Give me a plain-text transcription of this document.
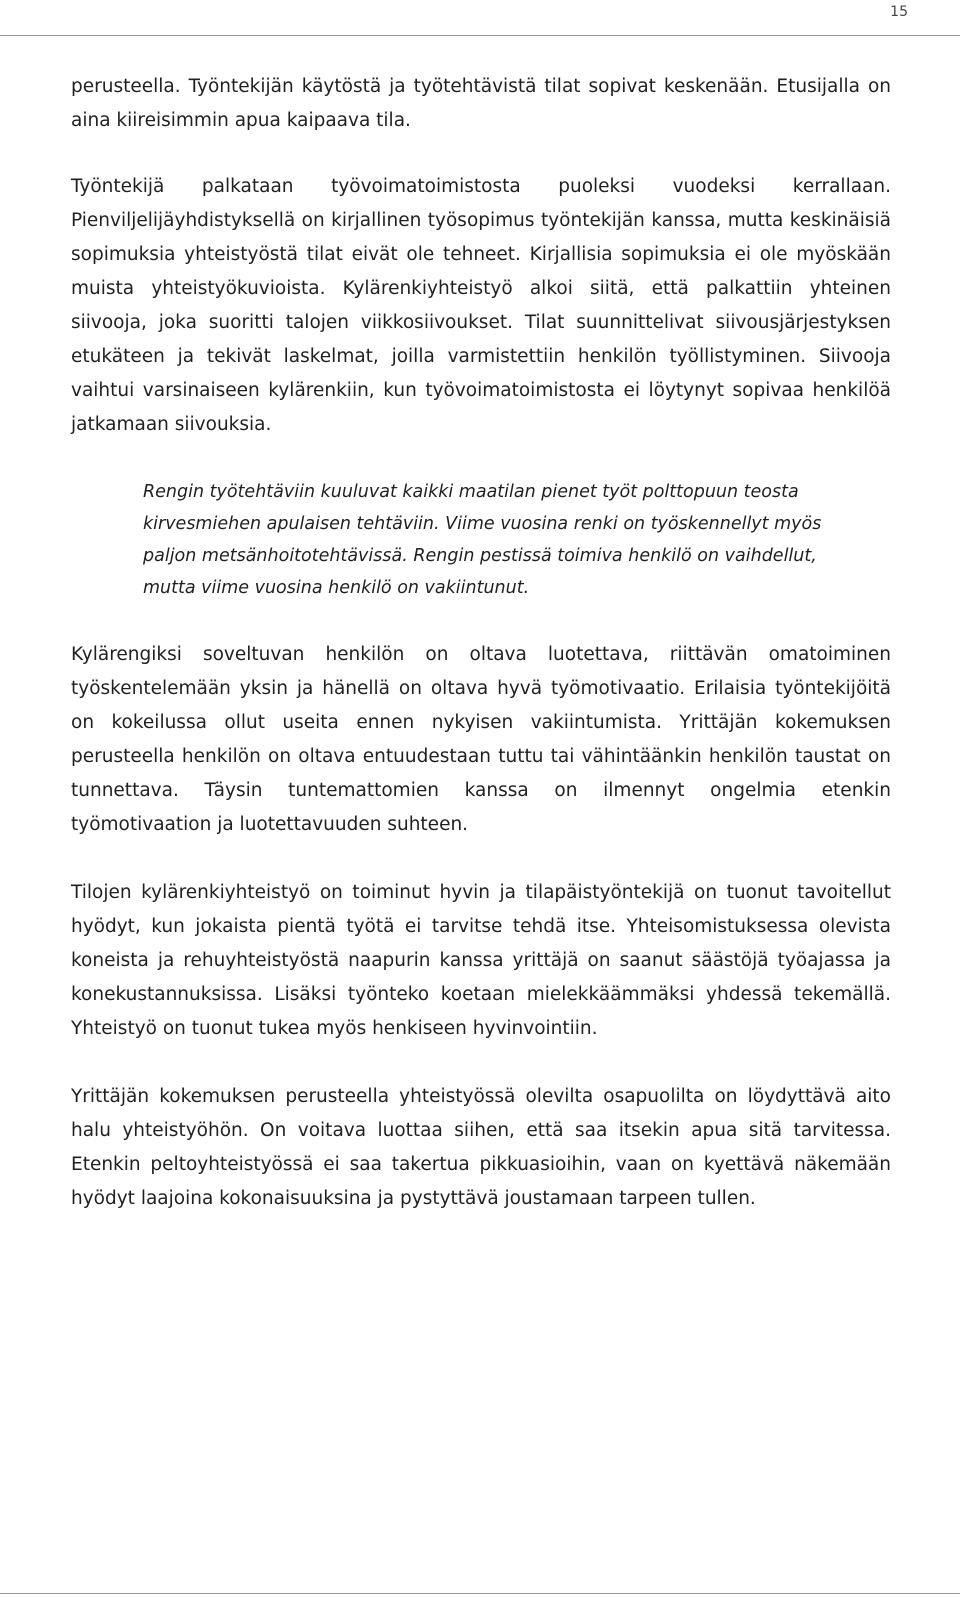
15

perusteella. Työntekijän käytöstä ja työtehtävistä tilat sopivat keskenään. Etusijalla on aina kiireisimmin apua kaipaava tila.

Työntekijä palkataan työvoimatoimistosta puoleksi vuodeksi kerrallaan. Pienviljelijäyhdistyksellä on kirjallinen työsopimus työntekijän kanssa, mutta keskinäisiä sopimuksia yhteistyöstä tilat eivät ole tehneet. Kirjallisia sopimuksia ei ole myöskään muista yhteistyökuvioista. Kylärenkiyhteistyö alkoi siitä, että palkattiin yhteinen siivooja, joka suoritti talojen viikkosiivoukset. Tilat suunnittelivat siivousjärjestyksen etukäteen ja tekivät laskelmat, joilla varmistettiin henkilön työllistyminen. Siivooja vaihtui varsinaiseen kylärenkiin, kun työvoimatoimistosta ei löytynyt sopivaa henkilöä jatkamaan siivouksia.

Rengin työtehtäviin kuuluvat kaikki maatilan pienet työt polttopuun teosta kirvesmiehen apulaisen tehtäviin. Viime vuosina renki on työskennellyt myös paljon metsänhoitotehtävissä. Rengin pestissä toimiva henkilö on vaihdellut, mutta viime vuosina henkilö on vakiintunut.

Kylärengiksi soveltuvan henkilön on oltava luotettava, riittävän omatoiminen työskentelemään yksin ja hänellä on oltava hyvä työmotivaatio. Erilaisia työntekijöitä on kokeilussa ollut useita ennen nykyisen vakiintumista. Yrittäjän kokemuksen perusteella henkilön on oltava entuudestaan tuttu tai vähintäänkin henkilön taustat on tunnettava. Täysin tuntemattomien kanssa on ilmennyt ongelmia etenkin työmotivaation ja luotettavuuden suhteen.

Tilojen kylärenkiyhteistyö on toiminut hyvin ja tilapäistyöntekijä on tuonut tavoitellut hyödyt, kun jokaista pientä työtä ei tarvitse tehdä itse. Yhteisomistuksessa olevista koneista ja rehuyhteistyöstä naapurin kanssa yrittäjä on saanut säästöjä työajassa ja konekustannuksissa. Lisäksi työnteko koetaan mielekkäämmäksi yhdessä tekemällä. Yhteistyö on tuonut tukea myös henkiseen hyvinvointiin.

Yrittäjän kokemuksen perusteella yhteistyössä olevilta osapuolilta on löydyttävä aito halu yhteistyöhön. On voitava luottaa siihen, että saa itsekin apua sitä tarvitessa. Etenkin peltoyhteistyössä ei saa takertua pikkuasioihin, vaan on kyettävä näkemään hyödyt laajoina kokonaisuuksina ja pystyttävä joustamaan tarpeen tullen.
